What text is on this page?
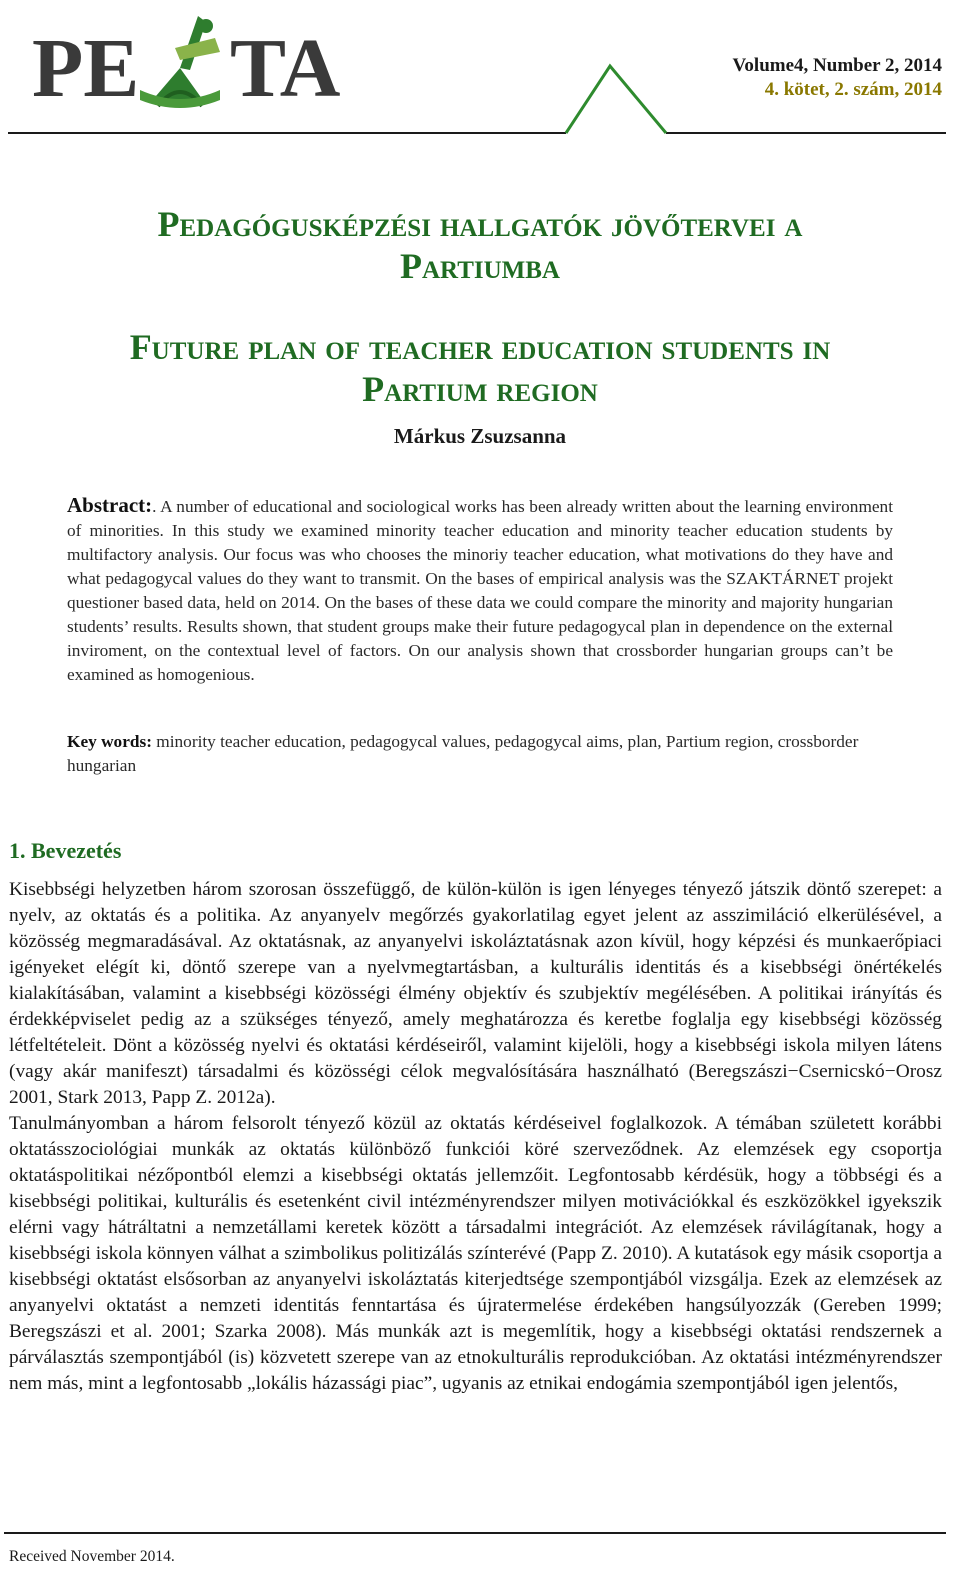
PE TA	Volume4, Number 2, 2014
4. kötet, 2. szám, 2014
Pedagógusképzési hallgatók jövőtervei a
Partiumba
Future plan of teacher education students in
Partium region
Márkus Zsuzsanna
Abstract:. A number of educational and sociological works has been already written about the learning environment of minorities. In this study we examined minority teacher education and minority teacher education students by multifactory analysis. Our focus was who chooses the minoriy teacher education, what motivations do they have and what pedagogycal values do they want to transmit. On the bases of empirical analysis was the SZAKTÁRNET projekt questioner based data, held on 2014. On the bases of these data we could compare the minority and majority hungarian students’ results. Results shown, that student groups make their future pedagogycal plan in dependence on the external inviroment, on the contextual level of factors. On our analysis shown that crossborder hungarian groups can’t be examined as homogenious.
Key words: minority teacher education, pedagogycal values, pedagogycal aims, plan, Partium region, crossborder hungarian
1. Bevezetés

Kisebbségi helyzetben három szorosan összefüggő, de külön-külön is igen lényeges tényező játszik döntő szerepet: a nyelv, az oktatás és a politika. Az anyanyelv megőrzés gyakorlatilag egyet jelent az asszimiláció elkerülésével, a közösség megmaradásával. Az oktatásnak, az anyanyelvi iskoláztatásnak azon kívül, hogy képzési és munkaerőpiaci igényeket elégít ki, döntő szerepe van a nyelvmegtartásban, a kulturális identitás és a kisebbségi önértékelés kialakításában, valamint a kisebbségi közösségi élmény objektív és szubjektív megélésében. A politikai irányítás és érdekképviselet pedig az a szükséges tényező, amely meghatározza és keretbe foglalja egy kisebbségi közösség létfeltételeit. Dönt a közösség nyelvi és oktatási kérdéseiről, valamint kijelöli, hogy a kisebbségi iskola milyen látens (vagy akár manifeszt) társadalmi és közösségi célok megvalósítására használható (Beregszászi−Csernicskó−Orosz 2001, Stark 2013, Papp Z. 2012a).

Tanulmányomban a három felsorolt tényező közül az oktatás kérdéseivel foglalkozok. A témában született korábbi oktatásszociológiai munkák az oktatás különböző funkciói köré szerveződnek. Az elemzések egy csoportja oktatáspolitikai nézőpontból elemzi a kisebbségi oktatás jellemzőit. Legfontosabb kérdésük, hogy a többségi és a kisebbségi politikai, kulturális és esetenként civil intézményrendszer milyen motivációkkal és eszközökkel igyekszik elérni vagy hátráltatni a nemzetállami keretek között a társadalmi integrációt. Az elemzések rávilágítanak, hogy a kisebbségi iskola könnyen válhat a szimbolikus politizálás színterévé (Papp Z. 2010). A kutatások egy másik csoportja a kisebbségi oktatást elsősorban az anyanyelvi iskoláztatás kiterjedtsége szempontjából vizsgálja. Ezek az elemzések az anyanyelvi oktatást a nemzeti identitás fenntartása és újratermelése érdekében hangsúlyozzák (Gereben 1999; Beregszászi et al. 2001; Szarka 2008). Más munkák azt is megemlítik, hogy a kisebbségi oktatási rendszernek a párválasztás szempontjából (is) közvetett szerepe van az etnokulturális reprodukcióban. Az oktatási intézményrendszer nem más, mint a legfontosabb „lokális házassági piac”, ugyanis az etnikai endogámia szempontjából igen jelentős,

Received November 2014.
